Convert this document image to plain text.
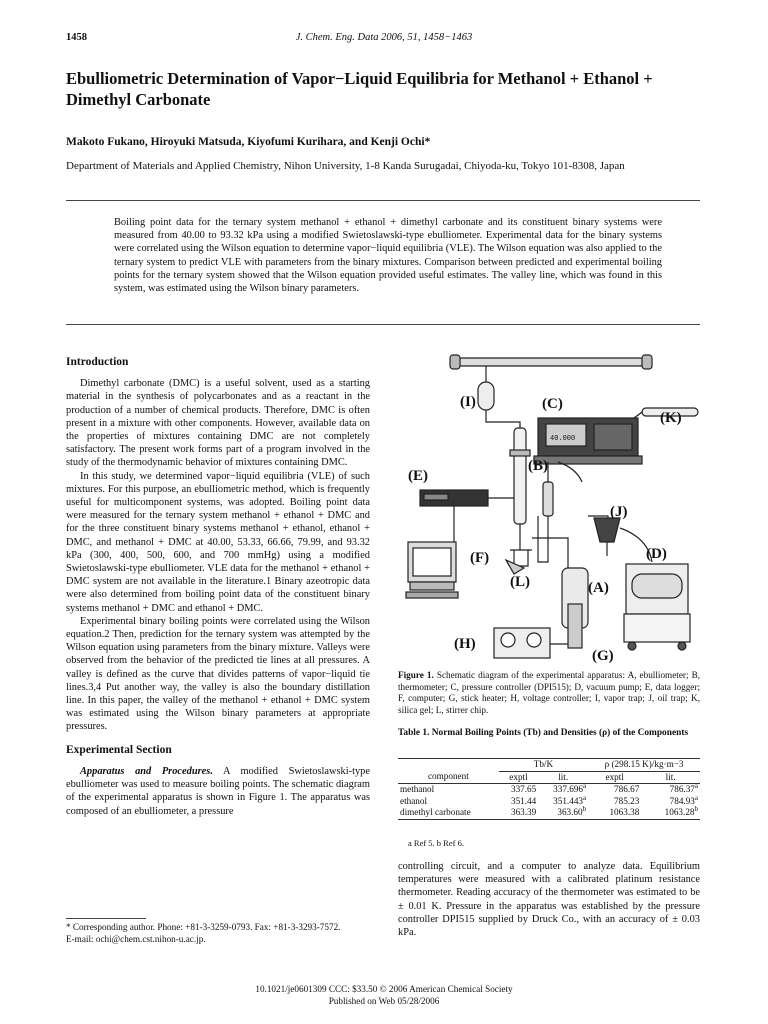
1458	J. Chem. Eng. Data 2006, 51, 1458−1463
Ebulliometric Determination of Vapor−Liquid Equilibria for Methanol + Ethanol + Dimethyl Carbonate
Makoto Fukano, Hiroyuki Matsuda, Kiyofumi Kurihara, and Kenji Ochi*
Department of Materials and Applied Chemistry, Nihon University, 1-8 Kanda Surugadai, Chiyoda-ku, Tokyo 101-8308, Japan
Boiling point data for the ternary system methanol + ethanol + dimethyl carbonate and its constituent binary systems were measured from 40.00 to 93.32 kPa using a modified Swietoslawski-type ebulliometer. Experimental data for the binary systems were correlated using the Wilson equation to determine vapor−liquid equilibria (VLE). The Wilson equation was also applied to the ternary system to predict VLE with parameters from the binary mixtures. Comparison between predicted and experimental boiling points for the ternary system showed that the Wilson equation provided useful estimates. The valley line, which was found in this system, was estimated using the Wilson binary parameters.
Introduction

Dimethyl carbonate (DMC) is a useful solvent, used as a starting material in the synthesis of polycarbonates and as a reactant in the production of a number of chemical products. Therefore, DMC is often present in a mixture with other components. However, available data on the properties of mixtures containing DMC are not completely satisfactory. The present work forms part of a program involved in the study of the thermodynamic behavior of mixtures containing DMC.

In this study, we determined vapor−liquid equilibria (VLE) of such mixtures. For this purpose, an ebulliometric method, which is frequently useful for multicomponent systems, was adopted. Boiling point data were measured for the ternary system methanol + ethanol + DMC and for the three constituent binary systems methanol + ethanol, ethanol + DMC, and methanol + DMC at 40.00, 53.33, 66.66, 79.99, and 93.32 kPa (300, 400, 500, 600, and 700 mmHg) using a modified Swietoslawski-type ebulliometer. VLE data for the methanol + ethanol + DMC system are not available in the literature.1 Binary azeotropic data were also determined from boiling point data of the constituent binary systems methanol + DMC and ethanol + DMC.

Experimental binary boiling points were correlated using the Wilson equation.2 Then, prediction for the ternary system was attempted by the Wilson equation using parameters from the binary mixture. Valleys were observed from the behavior of the predicted tie lines at all pressures. A valley is defined as the curve that divides patterns of vapor−liquid tie lines.3,4 Put another way, the valley is also the boundary distillation line. In this paper, the valley of the methanol + ethanol + DMC system was estimated using the Wilson binary parameters at appropriate pressures.

Experimental Section

Apparatus and Procedures. A modified Swietoslawski-type ebulliometer was used to measure boiling points. The schematic diagram of the experimental apparatus is shown in Figure 1. The apparatus was composed of an ebulliometer, a pressure

* Corresponding author. Phone: +81-3-3259-0793. Fax: +81-3-3293-7572.
E-mail: ochi@chem.cst.nihon-u.ac.jp.
40.000
(I)	(C)
(K)
(B)
(E)
(J)
(F)	(D)
(L)	(A)
(H)
(G)
Figure 1. Schematic diagram of the experimental apparatus: A, ebulliometer; B, thermometer; C, pressure controller (DPI515); D, vacuum pump; E, data logger; F, computer; G, stick heater; H, voltage controller; I, vapor trap; J, oil trap; K, silica gel; L, stirrer chip.
Table 1. Normal Boiling Points (Tb) and Densities (ρ) of the Components
	Tb/K		ρ (298.15 K)/kg·m−3	
component	exptl	lit.	exptl	lit.
methanol	337.65	337.696$^a$	786.67	786.37$^a$
ethanol	351.44	351.443$^a$	785.23	784.93$^a$
dimethyl carbonate	363.39	363.60$^b$	1063.38	1063.28$^b$
a Ref 5. b Ref 6.

controlling circuit, and a computer to analyze data. Equilibrium temperatures were measured with a calibrated platinum resistance thermometer. Reading accuracy of the thermometer was estimated to be ± 0.01 K. Pressure in the apparatus was established by the pressure controller DPI515 supplied by Druck Co., with an accuracy of ± 0.03 kPa.

10.1021/je0601309 CCC: $33.50 © 2006 American Chemical Society
Published on Web 05/28/2006
